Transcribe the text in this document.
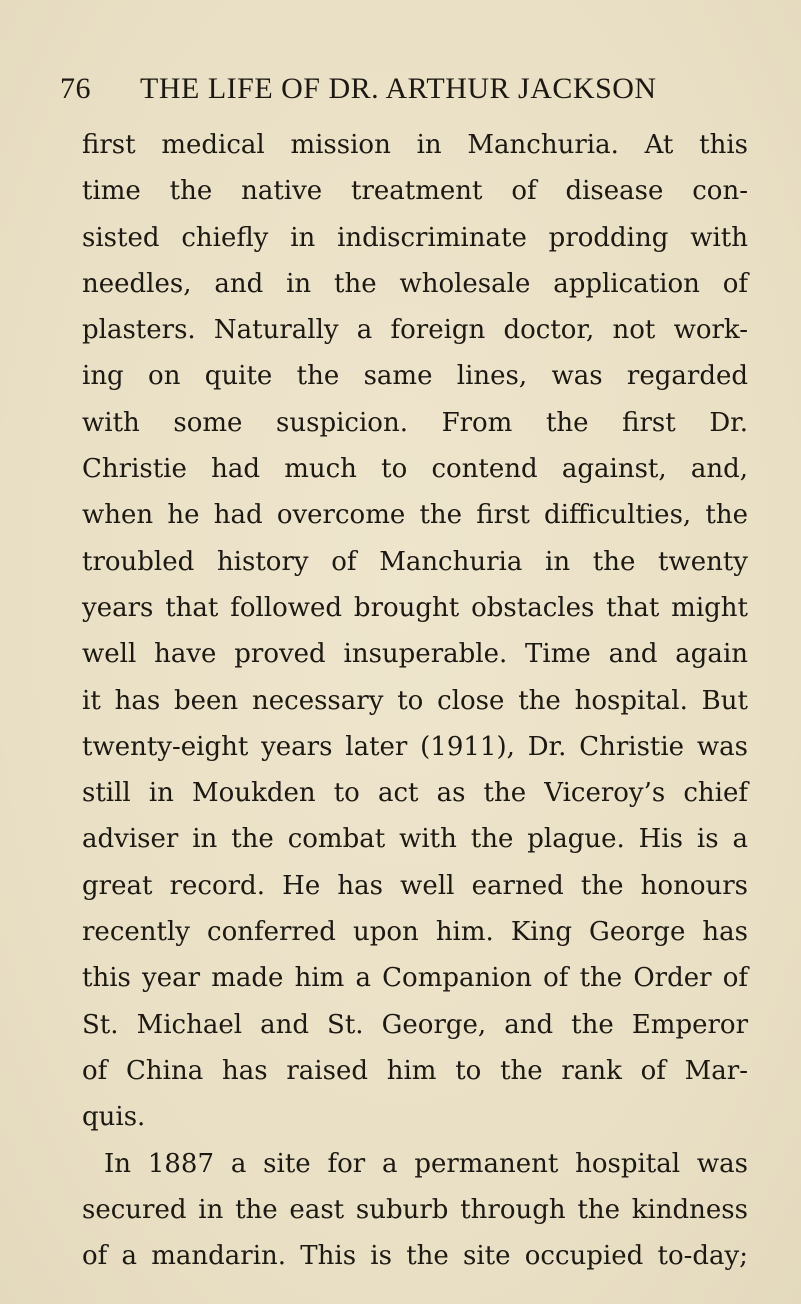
76 THE LIFE OF DR. ARTHUR JACKSON
first medical mission in Manchuria. At this
time the native treatment of disease con-
sisted chiefly in indiscriminate prodding with
needles, and in the wholesale application of
plasters. Naturally a foreign doctor, not work-
ing on quite the same lines, was regarded
with some suspicion. From the first Dr.
Christie had much to contend against, and,
when he had overcome the first difficulties, the
troubled history of Manchuria in the twenty
years that followed brought obstacles that might
well have proved insuperable. Time and again
it has been necessary to close the hospital. But
twenty-eight years later (1911), Dr. Christie was
still in Moukden to act as the Viceroy’s chief
adviser in the combat with the plague. His is a
great record. He has well earned the honours
recently conferred upon him. King George has
this year made him a Companion of the Order of
St. Michael and St. George, and the Emperor
of China has raised him to the rank of Mar-
quis.
In 1887 a site for a permanent hospital was
secured in the east suburb through the kindness
of a mandarin. This is the site occupied to-day;
